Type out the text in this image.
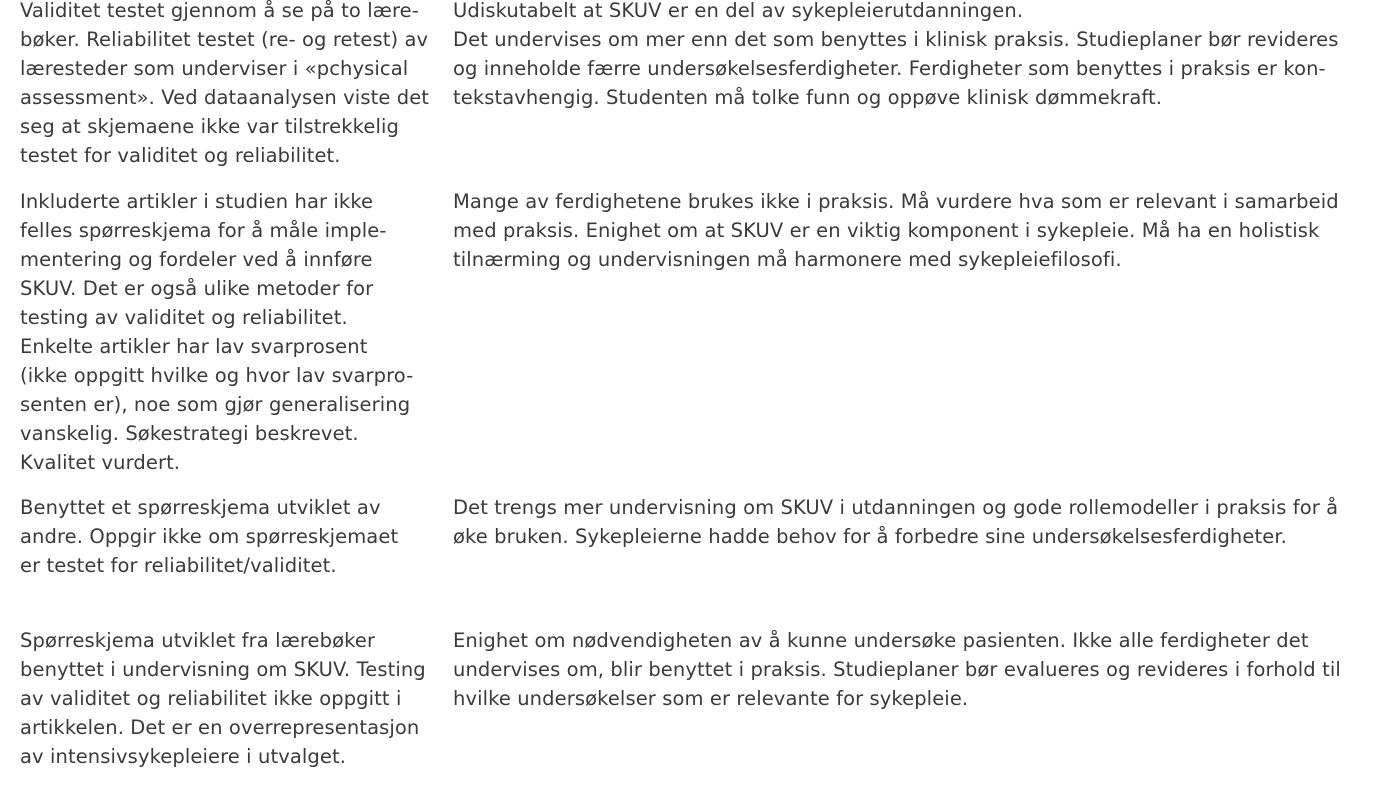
Validitet testet gjennom å se på to lære-
bøker. Reliabilitet testet (re- og retest) av
læresteder som underviser i «pchysical
assessment». Ved dataanalysen viste det
seg at skjemaene ikke var tilstrekkelig
testet for validitet og reliabilitet.
Udiskutabelt at SKUV er en del av sykepleierutdanningen.
Det undervises om mer enn det som benyttes i klinisk praksis. Studieplaner bør revideres
og inneholde færre undersøkelsesferdigheter. Ferdigheter som benyttes i praksis er kon-
tekstavhengig. Studenten må tolke funn og oppøve klinisk dømmekraft.
Inkluderte artikler i studien har ikke
felles spørreskjema for å måle imple-
mentering og fordeler ved å innføre
SKUV. Det er også ulike metoder for
testing av validitet og reliabilitet.
Enkelte artikler har lav svarprosent
(ikke oppgitt hvilke og hvor lav svarpro-
senten er), noe som gjør generalisering
vanskelig. Søkestrategi beskrevet.
Kvalitet vurdert.
Mange av ferdighetene brukes ikke i praksis. Må vurdere hva som er relevant i samarbeid
med praksis. Enighet om at SKUV er en viktig komponent i sykepleie. Må ha en holistisk
tilnærming og undervisningen må harmonere med sykepleiefilosofi.
Benyttet et spørreskjema utviklet av
andre. Oppgir ikke om spørreskjemaet
er testet for reliabilitet/validitet.
Det trengs mer undervisning om SKUV i utdanningen og gode rollemodeller i praksis for å
øke bruken. Sykepleierne hadde behov for å forbedre sine undersøkelsesferdigheter.
Spørreskjema utviklet fra lærebøker
benyttet i undervisning om SKUV. Testing
av validitet og reliabilitet ikke oppgitt i
artikkelen. Det er en overrepresentasjon
av intensivsykepleiere i utvalget.
Enighet om nødvendigheten av å kunne undersøke pasienten. Ikke alle ferdigheter det
undervises om, blir benyttet i praksis. Studieplaner bør evalueres og revideres i forhold til
hvilke undersøkelser som er relevante for sykepleie.
